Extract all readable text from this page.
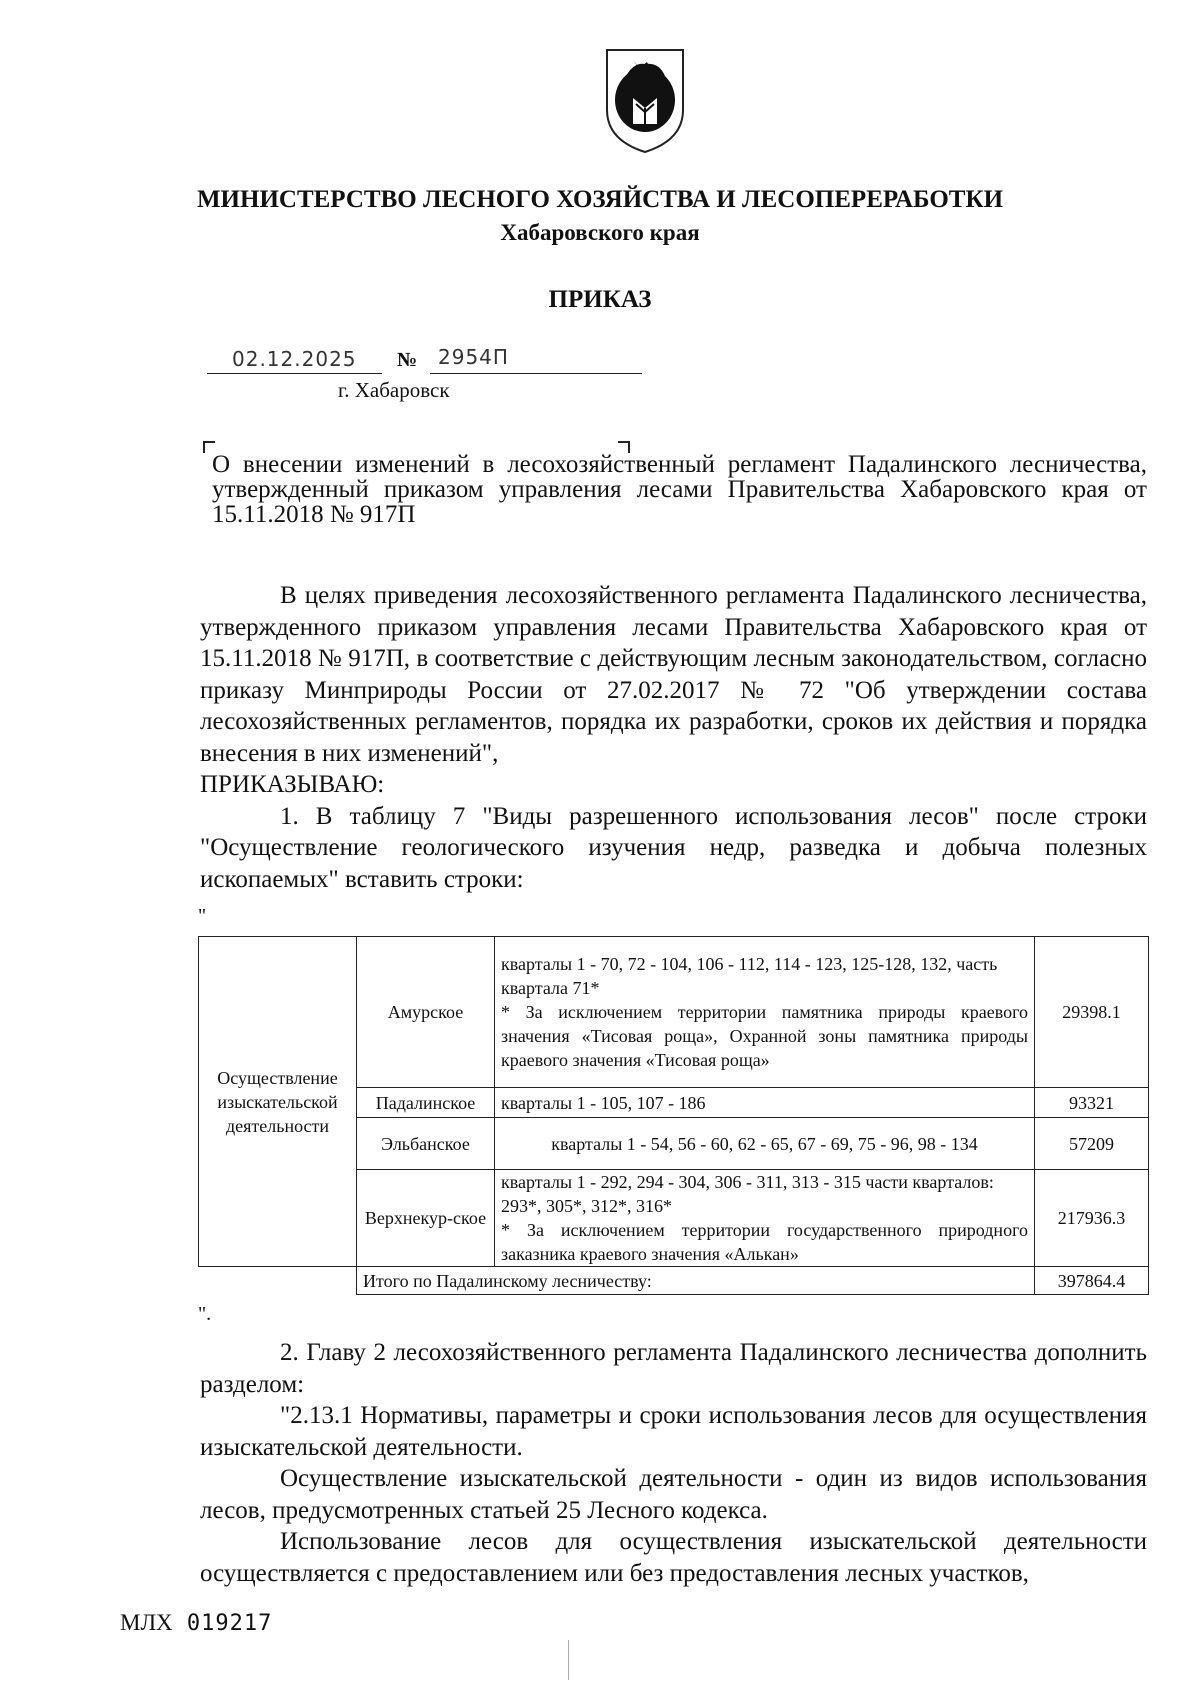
МИНИСТЕРСТВО ЛЕСНОГО ХОЗЯЙСТВА И ЛЕСОПЕРЕРАБОТКИ
Хабаровского края
ПРИКАЗ
02.12.2025 № 2954П
г. Хабаровск
О внесении изменений в лесохозяйственный регламент Падалинского лесничества, утвержденный приказом управления лесами Правительства Хабаровского края от 15.11.2018 № 917П

В целях приведения лесохозяйственного регламента Падалинского лесничества, утвержденного приказом управления лесами Правительства Хабаровского края от 15.11.2018 № 917П, в соответствие с действующим лесным законодательством, согласно приказу Минприроды России от 27.02.2017 № 72 "Об утверждении состава лесохозяйственных регламентов, порядка их разработки, сроков их действия и порядка внесения в них изменений",

ПРИКАЗЫВАЮ:

1. В таблицу 7 "Виды разрешенного использования лесов" после строки "Осуществление геологического изучения недр, разведка и добыча полезных ископаемых" вставить строки:

"
Осуществление изыскательской деятельности	Амурское	кварталы 1 - 70, 72 - 104, 106 - 112, 114 - 123, 125-128, 132, часть квартала 71*
* За исключением территории памятника природы краевого значения «Тисовая роща», Охранной зоны памятника природы краевого значения «Тисовая роща»	29398.1
	Падалинское	кварталы 1 - 105, 107 - 186	93321
	Эльбанское	кварталы 1 - 54, 56 - 60, 62 - 65, 67 - 69, 75 - 96, 98 - 134	57209
	Верхнекур-ское	кварталы 1 - 292, 294 - 304, 306 - 311, 313 - 315 части кварталов: 293*, 305*, 312*, 316*
* За исключением территории государственного природного заказника краевого значения «Алькан»	217936.3
	Итого по Падалинскому лесничеству:		397864.4
".

2. Главу 2 лесохозяйственного регламента Падалинского лесничества дополнить разделом:

"2.13.1 Нормативы, параметры и сроки использования лесов для осуществления изыскательской деятельности.

Осуществление изыскательской деятельности - один из видов использования лесов, предусмотренных статьей 25 Лесного кодекса.

Использование лесов для осуществления изыскательской деятельности осуществляется с предоставлением или без предоставления лесных участков,

МЛХ 019217
